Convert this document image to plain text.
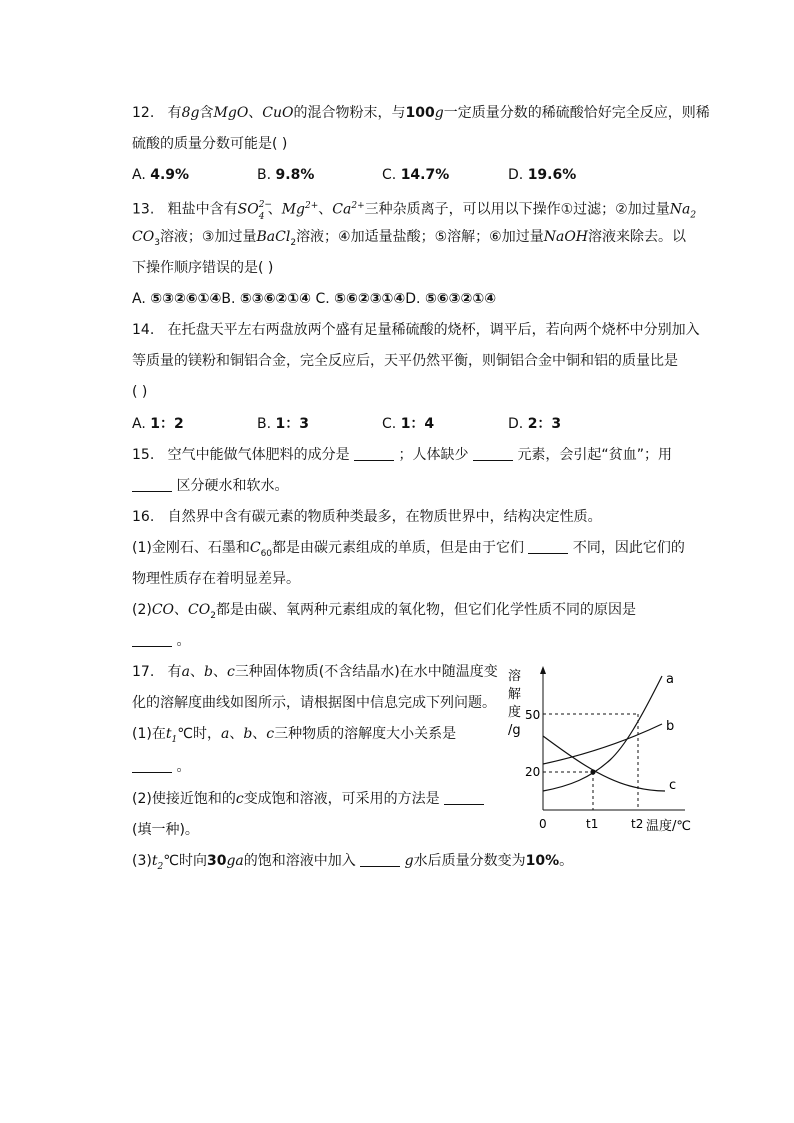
12. 有8g含MgO、CuO的混合物粉末，与100g一定质量分数的稀硫酸恰好完全反应，则稀
硫酸的质量分数可能是( )
A. 4.9%	B. 9.8%	C. 14.7%	D. 19.6%
13. 粗盐中含有SO 2−
4 、$Mg^{2+}$、$Ca^{2+}$三种杂质离子，可以用以下操作①过滤；②加过量$Na_2$
$CO_3$溶液；③加过量BaCl$_2$溶液；④加适量盐酸；⑤溶解；⑥加过量NaOH溶液来除去。以
下操作顺序错误的是( )
A. ⑤③②⑥①④B. ⑤③⑥②①④ C. ⑤⑥②③①④D. ⑤⑥③②①④
14. 在托盘天平左右两盘放两个盛有足量稀硫酸的烧杯，调平后，若向两个烧杯中分别加入
等质量的镁粉和铜铝合金，完全反应后，天平仍然平衡，则铜铝合金中铜和铝的质量比是
( )
A. 1：2	B. 1：3	C. 1：4	D. 2：3
15. 空气中能做气体肥料的成分是	；人体缺少	元素，会引起“贫血”；用
区分硬水和软水。
16. 自然界中含有碳元素的物质种类最多，在物质世界中，结构决定性质。
(1)金刚石、石墨和$C_{60}$都是由碳元素组成的单质，但是由于它们	不同，因此它们的
物理性质存在着明显差异。
(2)CO、$CO_2$都是由碳、氧两种元素组成的氧化物，但它们化学性质不同的原因是
。
17. 有a、b、c三种固体物质(不含结晶水)在水中随温度变
化的溶解度曲线如图所示，请根据图中信息完成下列问题。
(1)在$t_1℃$时，a、b、c三种物质的溶解度大小关系是
。
(2)使接近饱和的c变成饱和溶液，可采用的方法是
(填一种)。
$(3)t_2℃$时向30ga的饱和溶液中加入	g水后质量分数变为10%。
溶
解
度
/g
50
20
0	t1	t2 温度/℃
a
b
c
